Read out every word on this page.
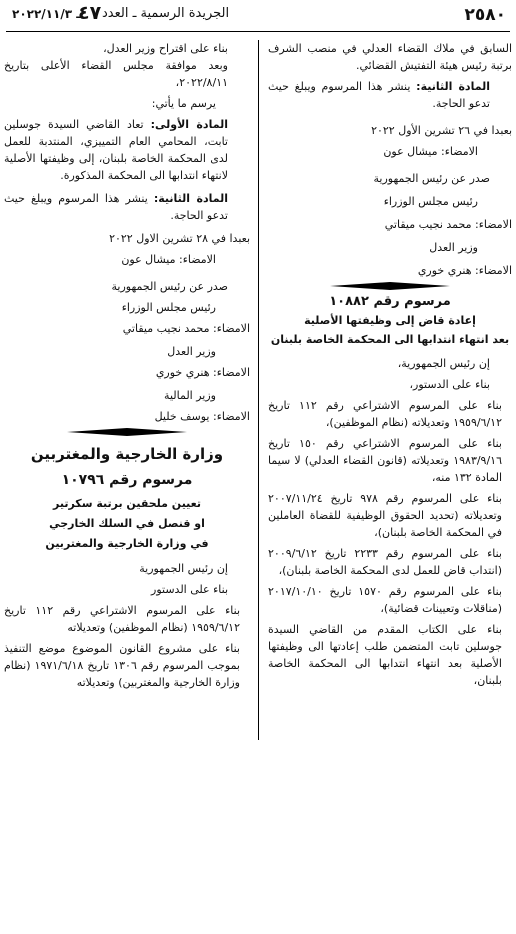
٢٥٨٠
الجريدة الرسمية ـ العدد
٤٧
ـ ٢٠٢٢/١١/٣

السابق في ملاك القضاء العدلي في منصب الشرف برتبة رئيس هيئة التفتيش القضائي.

المادة الثانية: ينشر هذا المرسوم ويبلغ حيث تدعو الحاجة.

بعبدا في ٢٦ تشرين الأول ٢٠٢٢

الامضاء: ميشال عون

صدر عن رئيس الجمهورية

رئيس مجلس الوزراء

الامضاء: محمد نجيب ميقاتي

وزير العدل

الامضاء: هنري خوري

مرسوم رقم ١٠٨٨٢

إعادة قاض إلى وظيفتها الأصلية

بعد انتهاء انتدابها الى المحكمة الخاصة بلبنان

إن رئيس الجمهورية،

بناء على الدستور،

بناء على المرسوم الاشتراعي رقم ١١٢ تاريخ ١٩٥٩/٦/١٢ وتعديلاته (نظام الموظفين)،

بناء على المرسوم الاشتراعي رقم ١٥٠ تاريخ ١٩٨٣/٩/١٦ وتعديلاته (قانون القضاء العدلي) لا سيما المادة ١٣٢ منه،

بناء على المرسوم رقم ٩٧٨ تاريخ ٢٠٠٧/١١/٢٤ وتعديلاته (تحديد الحقوق الوظيفية للقضاة العاملين في المحكمة الخاصة بلبنان)،

بناء على المرسوم رقم ٢٢٣٣ تاريخ ٢٠٠٩/٦/١٢ (انتداب قاض للعمل لدى المحكمة الخاصة بلبنان)،

بناء على المرسوم رقم ١٥٧٠ تاريخ ٢٠١٧/١٠/١٠ (مناقلات وتعيينات قضائية)،

بناء على الكتاب المقدم من القاضي السيدة جوسلين تابت المتضمن طلب إعادتها الى وظيفتها الأصلية بعد انتهاء انتدابها الى المحكمة الخاصة بلبنان،

بناء على اقتراح وزير العدل،

وبعد موافقة مجلس القضاء الأعلى بتاريخ ٢٠٢٢/٨/١١،

يرسم ما يأتي:

المادة الأولى: تعاد القاضي السيدة جوسلين تابت، المحامي العام التمييزي، المنتدبة للعمل لدى المحكمة الخاصة بلبنان، إلى وظيفتها الأصلية لانتهاء انتدابها الى المحكمة المذكورة.

المادة الثانية: ينشر هذا المرسوم ويبلغ حيث تدعو الحاجة.

بعبدا في ٢٨ تشرين الاول ٢٠٢٢

الامضاء: ميشال عون

صدر عن رئيس الجمهورية

رئيس مجلس الوزراء

الامضاء: محمد نجيب ميقاتي

وزير العدل

الامضاء: هنري خوري

وزير المالية

الامضاء: يوسف خليل

وزارة الخارجية والمغتربين

مرسوم رقم ١٠٧٩٦

تعيين ملحقين برتبة سكرتير

او قنصل في السلك الخارجي

في وزارة الخارجية والمغتربين

إن رئيس الجمهورية

بناء على الدستور

بناء على المرسوم الاشتراعي رقم ١١٢ تاريخ ١٩٥٩/٦/١٢ (نظام الموظفين) وتعديلاته

بناء على مشروع القانون الموضوع موضع التنفيذ بموجب المرسوم رقم ١٣٠٦ تاريخ ١٩٧١/٦/١٨ (نظام وزارة الخارجية والمغتربين) وتعديلاته
